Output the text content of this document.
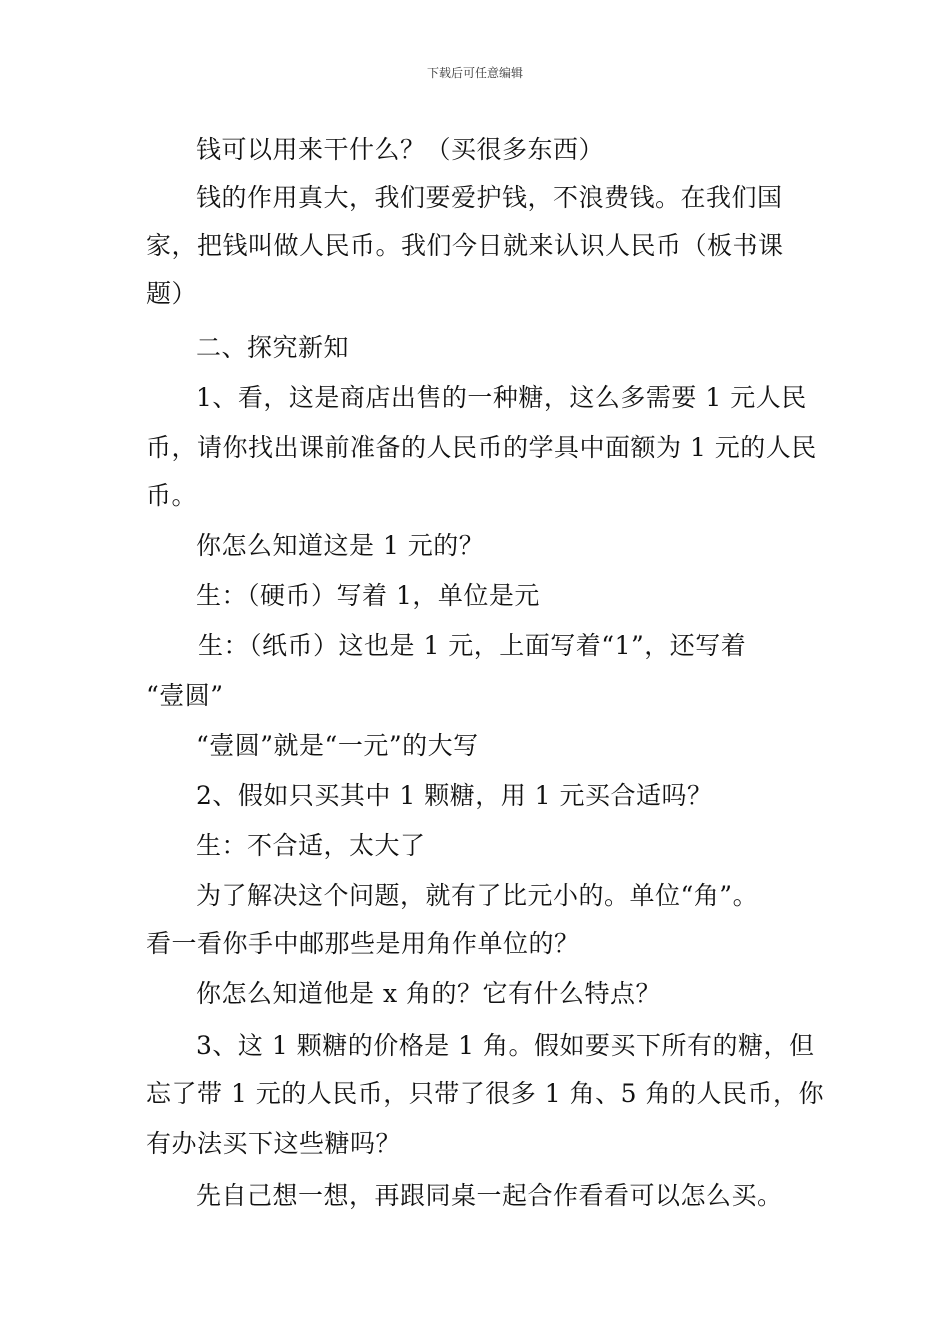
下载后可任意编辑
钱可以用来干什么？（买很多东西）
钱的作用真大，我们要爱护钱，不浪费钱。在我们国
家，把钱叫做人民币。我们今日就来认识人民币（板书课
题）
二、探究新知
1、看，这是商店出售的一种糖，这么多需要 1 元人民
币，请你找出课前准备的人民币的学具中面额为 1 元的人民
币。
你怎么知道这是 1 元的？
生：（硬币）写着 1，单位是元
生：（纸币）这也是 1 元，上面写着“1”，还写着
“壹圆”
“壹圆”就是“一元”的大写
2、假如只买其中 1 颗糖，用 1 元买合适吗？
生：不合适，太大了
为了解决这个问题，就有了比元小的。单位“角”。
看一看你手中邮那些是用角作单位的？
你怎么知道他是 x 角的？它有什么特点？
3、这 1 颗糖的价格是 1 角。假如要买下所有的糖，但
忘了带 1 元的人民币，只带了很多 1 角、5 角的人民币，你
有办法买下这些糖吗？
先自己想一想，再跟同桌一起合作看看可以怎么买。
